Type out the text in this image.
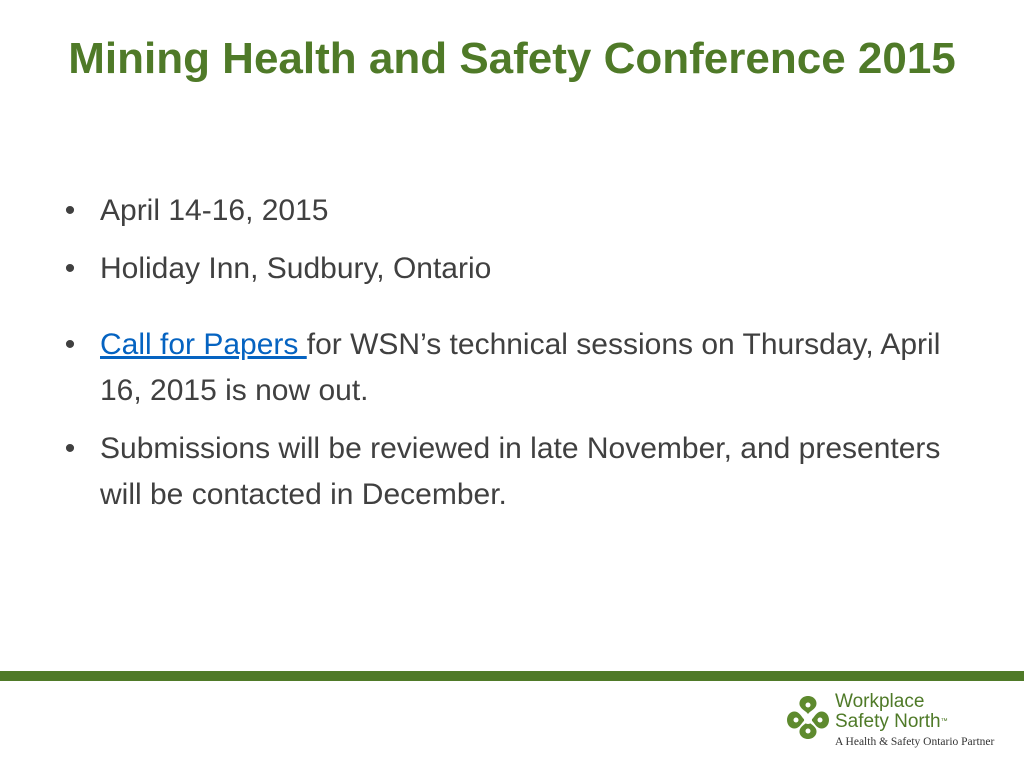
Mining Health and Safety Conference 2015
• April 14-16, 2015
• Holiday Inn, Sudbury, Ontario
• Call for Papers for WSN’s technical sessions on Thursday, April 16, 2015 is now out.
• Submissions will be reviewed in late November, and presenters will be contacted in December.
Workplace
Safety North™
A Health & Safety Ontario Partner
